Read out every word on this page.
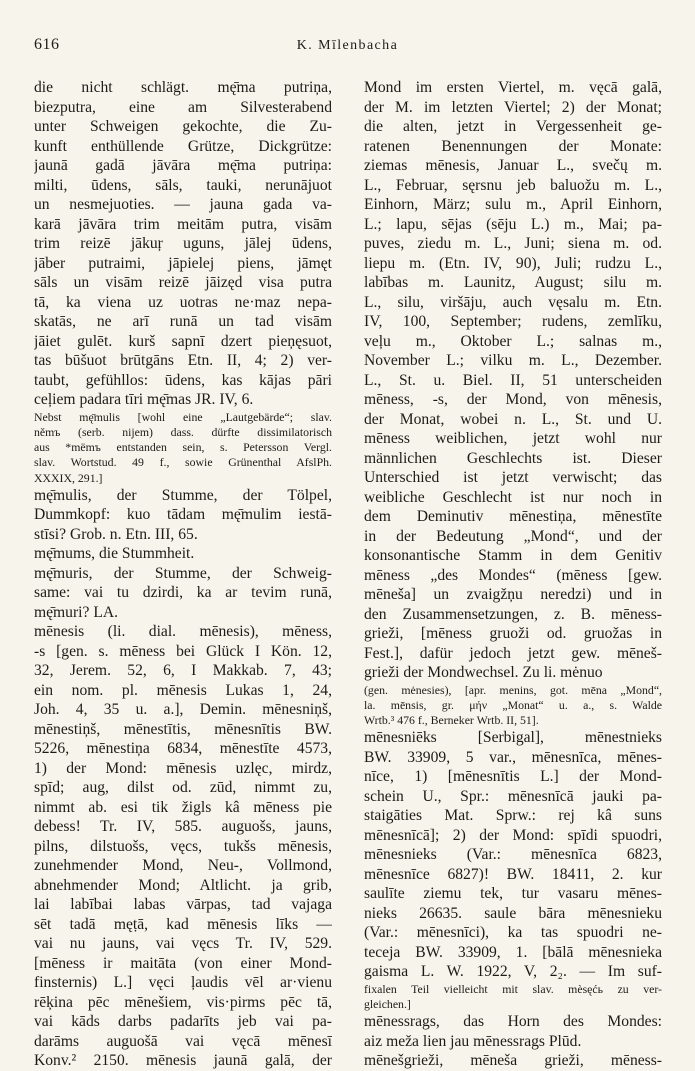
616	K. Mīlenbacha
die nicht schlägt. mę̄ma putriņa,
biezputra, eine am Silvesterabend
unter Schweigen gekochte, die Zu-
kunft enthüllende Grütze, Dickgrütze:
jaunā gadā jāvāra mę̄ma putriņa:
milti, ūdens, sāls, tauki, nerunājuot
un nesmejuoties. — jauna gada va-
karā jāvāra trim meitām putra, visām
trim reizē jākuŗ uguns, jālej ūdens,
jāber putraimi, jāpielej piens, jāmęt
sāls un visām reizē jāizęd visa putra
tā, ka viena uz uotras ne·maz nepa-
skatās, ne arī runā un tad visām
jāiet gulēt. kurš sapnī dzert pieņęsuot,
tas būšuot brūtgāns Etn. II, 4; 2) ver-
taubt, gefühllos: ūdens, kas kājas pāri
ceļiem padara tīri mę̄mas JR. IV, 6.
Nebst mę̄mulis [wohl eine „Lautgebärde“; slav.
němъ (serb. nijem) dass. dürfte dissimilatorisch
aus *mëmъ entstanden sein, s. Petersson Vergl.
slav. Wortstud. 49 f., sowie Grünenthal AfslPh.
XXXIX, 291.]
mę̄mulis, der Stumme, der Tölpel,
Dummkopf: kuo tādam mę̄mulim iestā-
stīsi? Grob. n. Etn. III, 65.
mę̄mums, die Stummheit.
mę̄muris, der Stumme, der Schweig-
same: vai tu dzirdi, ka ar tevim runā,
mę̄muri? LA.
mēnesis (li. dial. mēnesis), mēness,
-s [gen. s. mēness bei Glück I Kön. 12,
32, Jerem. 52, 6, I Makkab. 7, 43;
ein nom. pl. mēnesis Lukas 1, 24,
Joh. 4, 35 u. a.], Demin. mēnesniņš,
mēnestiņš, mēnestītis, mēnesnītis BW.
5226, mēnestiņa 6834, mēnestīte 4573,
1) der Mond: mēnesis uzlęc, mirdz,
spīd; aug, dilst od. zūd, nimmt zu,
nimmt ab. esi tik žigls kâ mēness pie
debess! Tr. IV, 585. auguošs, jauns,
pilns, dilstuošs, vęcs, tukšs mēnesis,
zunehmender Mond, Neu-, Vollmond,
abnehmender Mond; Altlicht. ja grib,
lai labībai labas vārpas, tad vajaga
sēt tadā męṭā, kad mēnesis līks —
vai nu jauns, vai vęcs Tr. IV, 529.
[mēness ir maitāta (von einer Mond-
finsternis) L.] vęci ļaudis vēl ar·vienu
rēķina pēc mēnešiem, vis·pirms pēc tā,
vai kāds darbs padarīts jeb vai pa-
darāms auguošā vai vęcā mēnesī
Konv.² 2150. mēnesis jaunā galā, der
Mond im ersten Viertel, m. vęcā galā,
der M. im letzten Viertel; 2) der Monat;
die alten, jetzt in Vergessenheit ge-
ratenen Benennungen der Monate:
ziemas mēnesis, Januar L., svečų m.
L., Februar, sęrsnu jeb baluožu m. L.,
Einhorn, März; sulu m., April Einhorn,
L.; lapu, sējas (sēju L.) m., Mai; pa-
puves, ziedu m. L., Juni; siena m. od.
liepu m. (Etn. IV, 90), Juli; rudzu L.,
labības m. Launitz, August; silu m.
L., silu, viršāju, auch vęsalu m. Etn.
IV, 100, September; rudens, zemlīku,
veļu m., Oktober L.; salnas m.,
November L.; vilku m. L., Dezember.
L., St. u. Biel. II, 51 unterscheiden
mēness, -s, der Mond, von mēnesis,
der Monat, wobei n. L., St. und U.
mēness weiblichen, jetzt wohl nur
männlichen Geschlechts ist. Dieser
Unterschied ist jetzt verwischt; das
weibliche Geschlecht ist nur noch in
dem Deminutiv mēnestiņa, mēnestīte
in der Bedeutung „Mond“, und der
konsonantische Stamm in dem Genitiv
mēness „des Mondes“ (mēness [gew.
mēneša] un zvaigžņu neredzi) und in
den Zusammensetzungen, z. B. mēness-
grieži, [mēness gruoži od. gruožas in
Fest.], dafür jedoch jetzt gew. mēneš-
grieži der Mondwechsel. Zu li. mėnuo
(gen. mėnesies), [apr. menins, got. mēna „Mond“,
la. mēnsis, gr. μήν „Monat“ u. a., s. Walde
Wrtb.³ 476 f., Berneker Wrtb. II, 51].
mēnesniēks [Serbigal], mēnestnieks
BW. 33909, 5 var., mēnesnīca, mēnes-
nīce, 1) [mēnesnītis L.] der Mond-
schein U., Spr.: mēnesnīcā jauki pa-
staigāties Mat. Sprw.: rej kâ suns
mēnesnīcā]; 2) der Mond: spīdi spuodri,
mēnesnieks (Var.: mēnesnīca 6823,
mēnesnīce 6827)! BW. 18411, 2. kur
saulīte ziemu tek, tur vasaru mēnes-
nieks 26635. saule bāra mēnesnieku
(Var.: mēnesnīci), ka tas spuodri ne-
teceja BW. 33909, 1. [bālā mēnesnieka
gaisma L. W. 1922, V, 2₂. — Im suf-
fixalen Teil vielleicht mit slav. mèsęćь zu ver-
gleichen.]
mēnessrags, das Horn des Mondes:
aiz meža lien jau mēnessrags Plūd.
mēnešgrieži, mēneša grieži, mēness-
